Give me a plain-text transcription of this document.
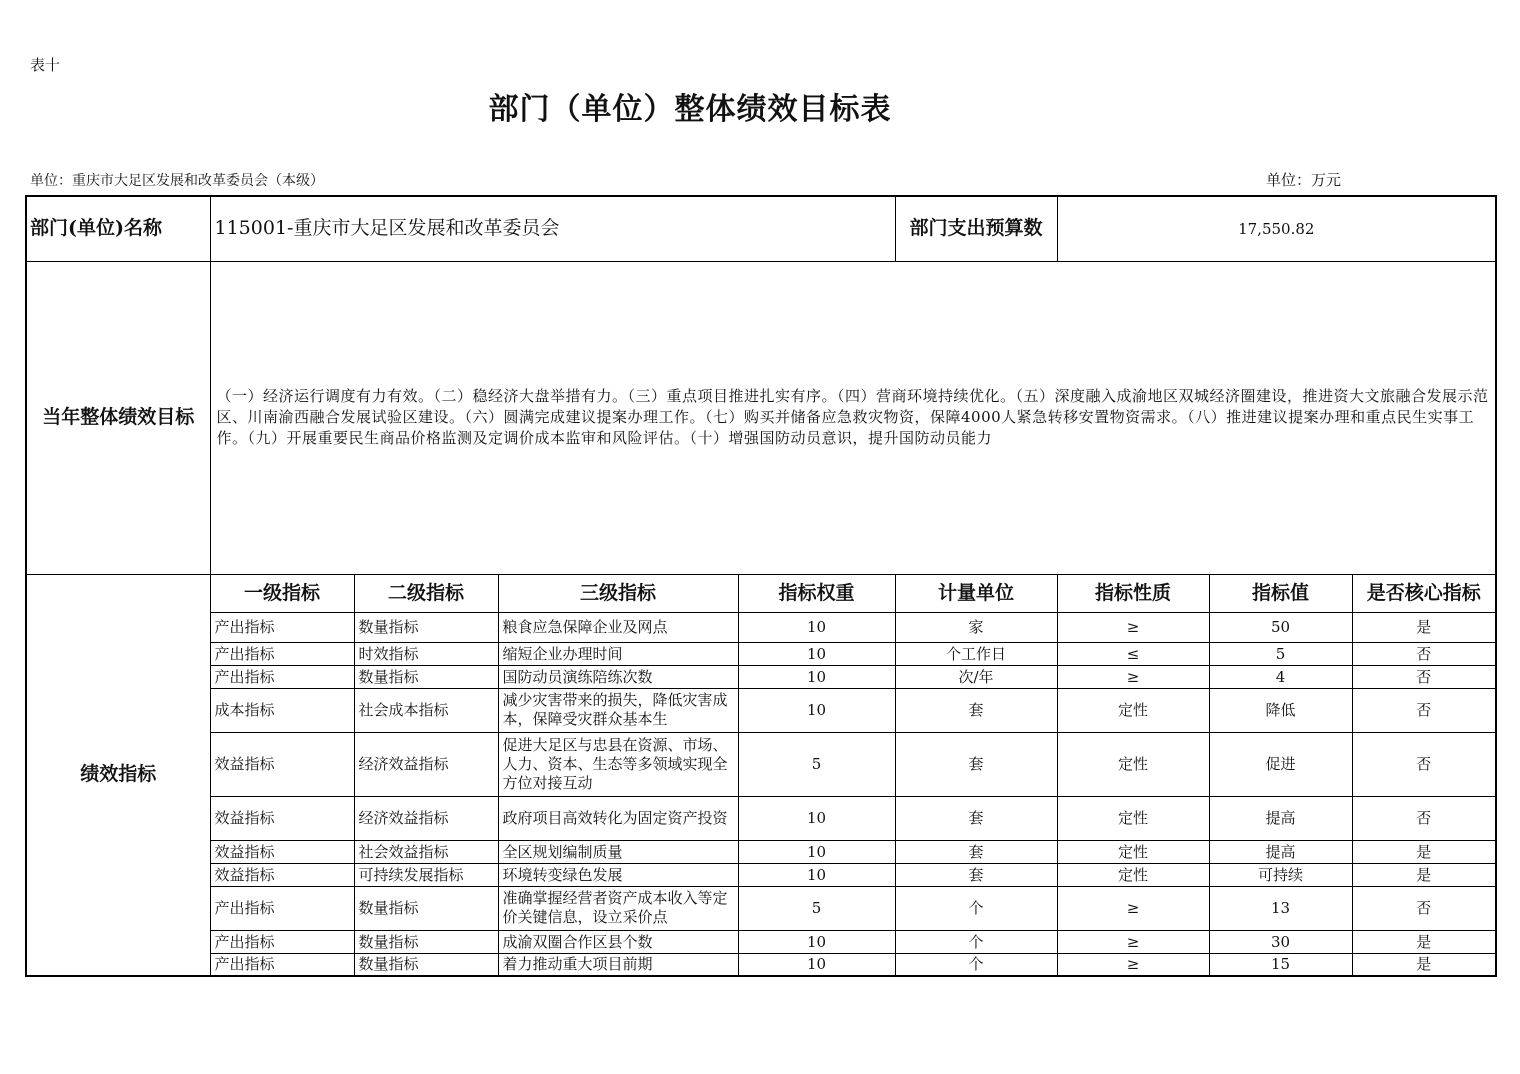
表十
部门（单位）整体绩效目标表
单位：重庆市大足区发展和改革委员会（本级）	单位：万元
部门(单位)名称	115001-重庆市大足区发展和改革委员会				部门支出预算数	17,550.82		
当年整体绩效目标	（一）经济运行调度有力有效。（二）稳经济大盘举措有力。（三）重点项目推进扎实有序。（四）营商环境持续优化。（五）深度融入成渝地区双城经济圈建设，推进资大文旅融合发展示范区、川南渝西融合发展试验区建设。（六）圆满完成建议提案办理工作。（七）购买并储备应急救灾物资，保障4000人紧急转移安置物资需求。（八）推进建议提案办理和重点民生实事工作。（九）开展重要民生商品价格监测及定调价成本监审和风险评估。（十）增强国防动员意识，提升国防动员能力							
绩效指标	一级指标	二级指标	三级指标	指标权重	计量单位	指标性质	指标值	是否核心指标
	产出指标	数量指标	粮食应急保障企业及网点	10	家	≥	50	是
	产出指标	时效指标	缩短企业办理时间	10	个工作日	≤	5	否
	产出指标	数量指标	国防动员演练陪练次数	10	次/年	≥	4	否
	成本指标	社会成本指标	减少灾害带来的损失，降低灾害成本，保障受灾群众基本生	10	套	定性	降低	否
	效益指标	经济效益指标	促进大足区与忠县在资源、市场、人力、资本、生态等多领域实现全方位对接互动	5	套	定性	促进	否
	效益指标	经济效益指标	政府项目高效转化为固定资产投资	10	套	定性	提高	否
	效益指标	社会效益指标	全区规划编制质量	10	套	定性	提高	是
	效益指标	可持续发展指标	环境转变绿色发展	10	套	定性	可持续	是
	产出指标	数量指标	准确掌握经营者资产成本收入等定价关键信息，设立采价点	5	个	≥	13	否
	产出指标	数量指标	成渝双圈合作区县个数	10	个	≥	30	是
	产出指标	数量指标	着力推动重大项目前期	10	个	≥	15	是
